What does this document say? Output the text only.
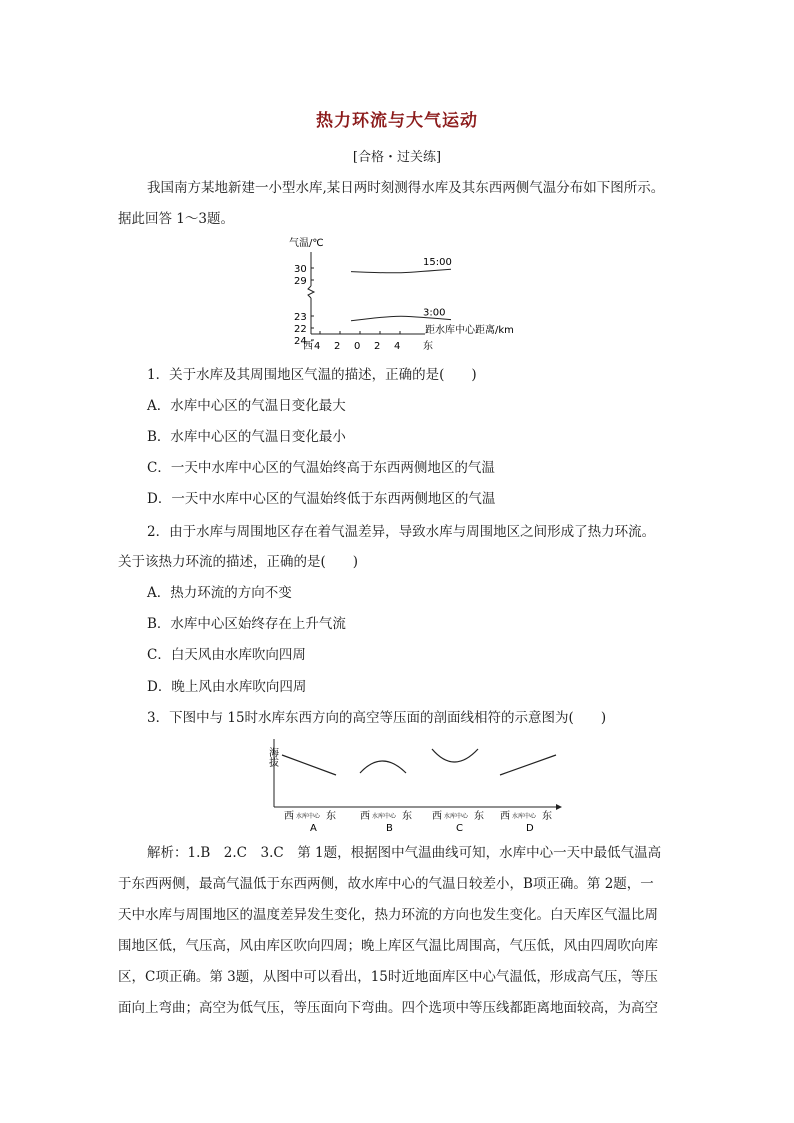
热力环流与大气运动
[合格・过关练]
我国南方某地新建一小型水库,某日两时刻测得水库及其东西两侧气温分布如下图所示。
据此回答 1～3题。
气温/℃
30
29
24
23
22
4 2 0 2 4
15:00
3:00
距水库中心距离/km
西	东
1．关于水库及其周围地区气温的描述，正确的是(　　)
A．水库中心区的气温日变化最大
B．水库中心区的气温日变化最小
C．一天中水库中心区的气温始终高于东西两侧地区的气温
D．一天中水库中心区的气温始终低于东西两侧地区的气温
2．由于水库与周围地区存在着气温差异，导致水库与周围地区之间形成了热力环流。
关于该热力环流的描述，正确的是(　　)
A．热力环流的方向不变
B．水库中心区始终存在上升气流
C．白天风由水库吹向四周
D．晚上风由水库吹向四周
3．下图中与 15时水库东西方向的高空等压面的剖面线相符的示意图为(　　)
海拔
西 水库中心 东
A
西 水库中心 东
B
西 水库中心 东
C
西 水库中心 东
D
解析：1.B　2.C　3.C　第 1题，根据图中气温曲线可知，水库中心一天中最低气温高
于东西两侧，最高气温低于东西两侧，故水库中心的气温日较差小，B项正确。第 2题，一
天中水库与周围地区的温度差异发生变化，热力环流的方向也发生变化。白天库区气温比周
围地区低，气压高，风由库区吹向四周；晚上库区气温比周围高，气压低，风由四周吹向库
区，C项正确。第 3题，从图中可以看出，15时近地面库区中心气温低，形成高气压，等压
面向上弯曲；高空为低气压，等压面向下弯曲。四个选项中等压线都距离地面较高，为高空
